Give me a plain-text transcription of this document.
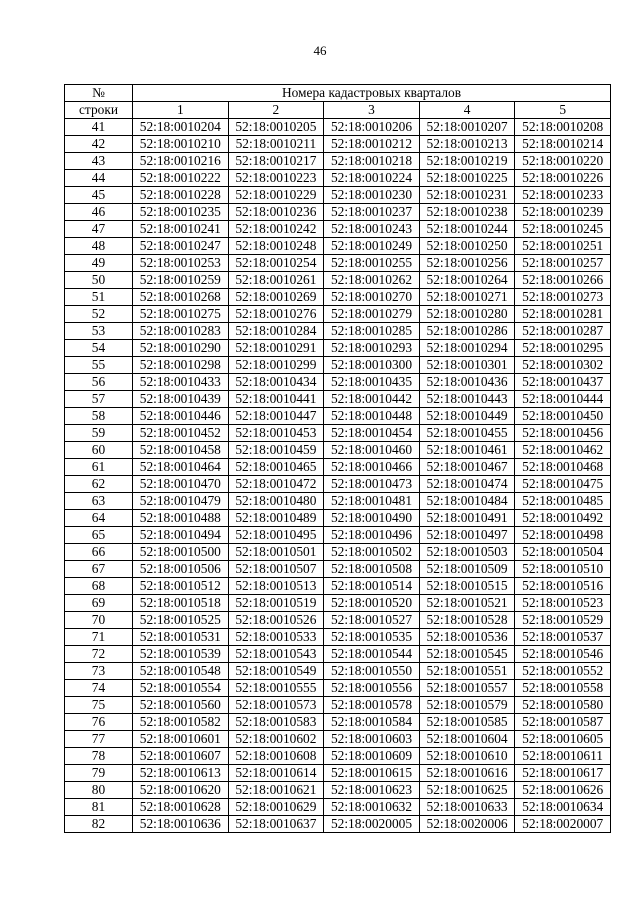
46
№	Номера кадастровых кварталов				
строки	1	2	3	4	5
41	52:18:0010204	52:18:0010205	52:18:0010206	52:18:0010207	52:18:0010208
42	52:18:0010210	52:18:0010211	52:18:0010212	52:18:0010213	52:18:0010214
43	52:18:0010216	52:18:0010217	52:18:0010218	52:18:0010219	52:18:0010220
44	52:18:0010222	52:18:0010223	52:18:0010224	52:18:0010225	52:18:0010226
45	52:18:0010228	52:18:0010229	52:18:0010230	52:18:0010231	52:18:0010233
46	52:18:0010235	52:18:0010236	52:18:0010237	52:18:0010238	52:18:0010239
47	52:18:0010241	52:18:0010242	52:18:0010243	52:18:0010244	52:18:0010245
48	52:18:0010247	52:18:0010248	52:18:0010249	52:18:0010250	52:18:0010251
49	52:18:0010253	52:18:0010254	52:18:0010255	52:18:0010256	52:18:0010257
50	52:18:0010259	52:18:0010261	52:18:0010262	52:18:0010264	52:18:0010266
51	52:18:0010268	52:18:0010269	52:18:0010270	52:18:0010271	52:18:0010273
52	52:18:0010275	52:18:0010276	52:18:0010279	52:18:0010280	52:18:0010281
53	52:18:0010283	52:18:0010284	52:18:0010285	52:18:0010286	52:18:0010287
54	52:18:0010290	52:18:0010291	52:18:0010293	52:18:0010294	52:18:0010295
55	52:18:0010298	52:18:0010299	52:18:0010300	52:18:0010301	52:18:0010302
56	52:18:0010433	52:18:0010434	52:18:0010435	52:18:0010436	52:18:0010437
57	52:18:0010439	52:18:0010441	52:18:0010442	52:18:0010443	52:18:0010444
58	52:18:0010446	52:18:0010447	52:18:0010448	52:18:0010449	52:18:0010450
59	52:18:0010452	52:18:0010453	52:18:0010454	52:18:0010455	52:18:0010456
60	52:18:0010458	52:18:0010459	52:18:0010460	52:18:0010461	52:18:0010462
61	52:18:0010464	52:18:0010465	52:18:0010466	52:18:0010467	52:18:0010468
62	52:18:0010470	52:18:0010472	52:18:0010473	52:18:0010474	52:18:0010475
63	52:18:0010479	52:18:0010480	52:18:0010481	52:18:0010484	52:18:0010485
64	52:18:0010488	52:18:0010489	52:18:0010490	52:18:0010491	52:18:0010492
65	52:18:0010494	52:18:0010495	52:18:0010496	52:18:0010497	52:18:0010498
66	52:18:0010500	52:18:0010501	52:18:0010502	52:18:0010503	52:18:0010504
67	52:18:0010506	52:18:0010507	52:18:0010508	52:18:0010509	52:18:0010510
68	52:18:0010512	52:18:0010513	52:18:0010514	52:18:0010515	52:18:0010516
69	52:18:0010518	52:18:0010519	52:18:0010520	52:18:0010521	52:18:0010523
70	52:18:0010525	52:18:0010526	52:18:0010527	52:18:0010528	52:18:0010529
71	52:18:0010531	52:18:0010533	52:18:0010535	52:18:0010536	52:18:0010537
72	52:18:0010539	52:18:0010543	52:18:0010544	52:18:0010545	52:18:0010546
73	52:18:0010548	52:18:0010549	52:18:0010550	52:18:0010551	52:18:0010552
74	52:18:0010554	52:18:0010555	52:18:0010556	52:18:0010557	52:18:0010558
75	52:18:0010560	52:18:0010573	52:18:0010578	52:18:0010579	52:18:0010580
76	52:18:0010582	52:18:0010583	52:18:0010584	52:18:0010585	52:18:0010587
77	52:18:0010601	52:18:0010602	52:18:0010603	52:18:0010604	52:18:0010605
78	52:18:0010607	52:18:0010608	52:18:0010609	52:18:0010610	52:18:0010611
79	52:18:0010613	52:18:0010614	52:18:0010615	52:18:0010616	52:18:0010617
80	52:18:0010620	52:18:0010621	52:18:0010623	52:18:0010625	52:18:0010626
81	52:18:0010628	52:18:0010629	52:18:0010632	52:18:0010633	52:18:0010634
82	52:18:0010636	52:18:0010637	52:18:0020005	52:18:0020006	52:18:0020007
